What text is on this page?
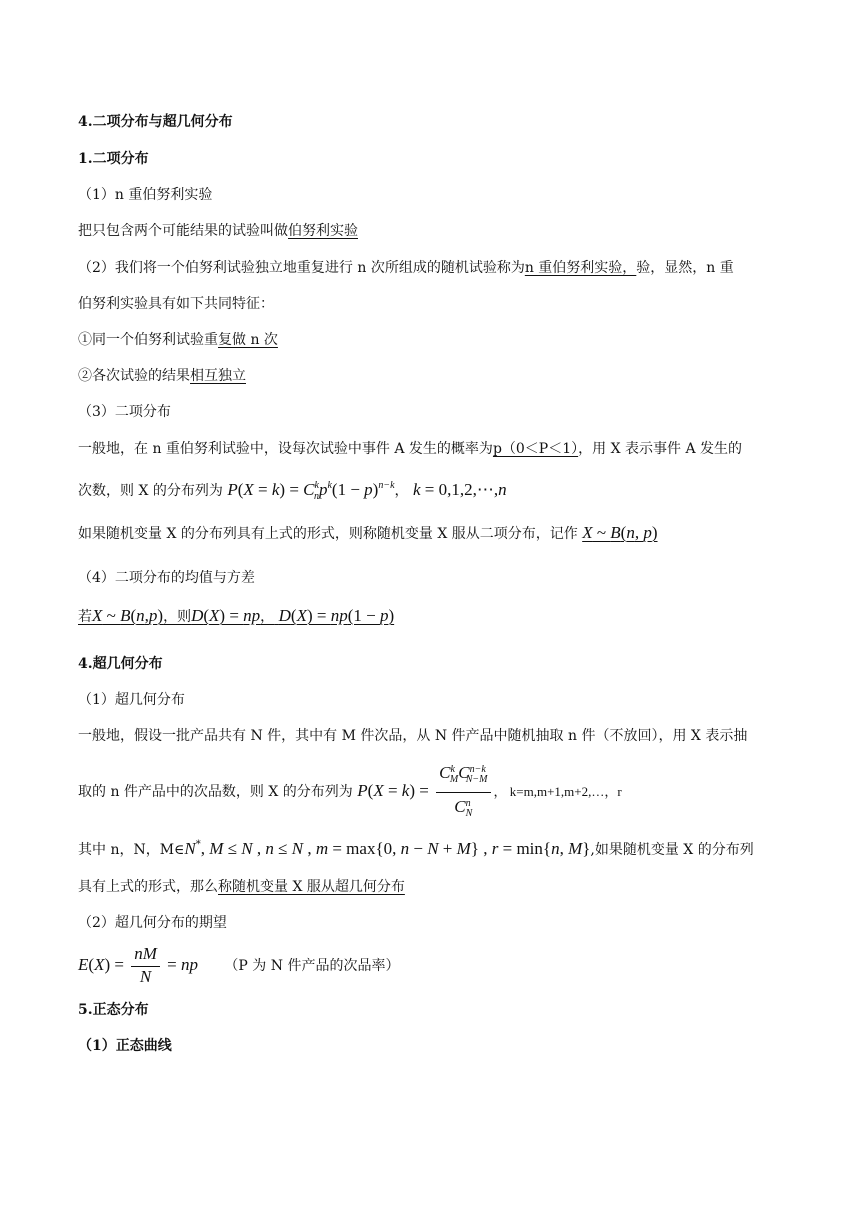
4.二项分布与超几何分布
1.二项分布
（1）n 重伯努利实验
把只包含两个可能结果的试验叫做伯努利实验
（2）我们将一个伯努利试验独立地重复进行 n 次所组成的随机试验称为n 重伯努利实验，验，显然，n 重
伯努利实验具有如下共同特征：
①同一个伯努利试验重复做 n 次
②各次试验的结果相互独立
（3）二项分布
一般地，在 n 重伯努利试验中，设每次试验中事件 A 发生的概率为p（0＜P＜1），用 X 表示事件 A 发生的
次数，则 X 的分布列为 $P(X = k) = C^k_np^k(1 - p)^{n-k}$， k = 0,1,2,⋯,n
如果随机变量 X 的分布列具有上式的形式，则称随机变量 X 服从二项分布，记作 X ~ B(n, p)
（4）二项分布的均值与方差
若X ~ B(n,p)，则D(X) = np， D(X) = np(1 − p)
4.超几何分布
（1）超几何分布
一般地，假设一批产品共有 N 件，其中有 M 件次品，从 N 件产品中随机抽取 n 件（不放回），用 X 表示抽
取的 n 件产品中的次品数，则 X 的分布列为 $P(X = k) = \frac{C^k_MC^{n-k}_{N-M}}{C^n_N}$ ， k=m,m+1,m+2,…，r
其中 n，N，M∈N*, M ≤ N , n ≤ N , m = max{0, n − N + M} , r = min{n, M},如果随机变量 X 的分布列
具有上式的形式，那么称随机变量 X 服从超几何分布
（2）超几何分布的期望
$E(X) = \frac{nM}{N}$ = np （P 为 N 件产品的次品率）
5.正态分布
（1）正态曲线
